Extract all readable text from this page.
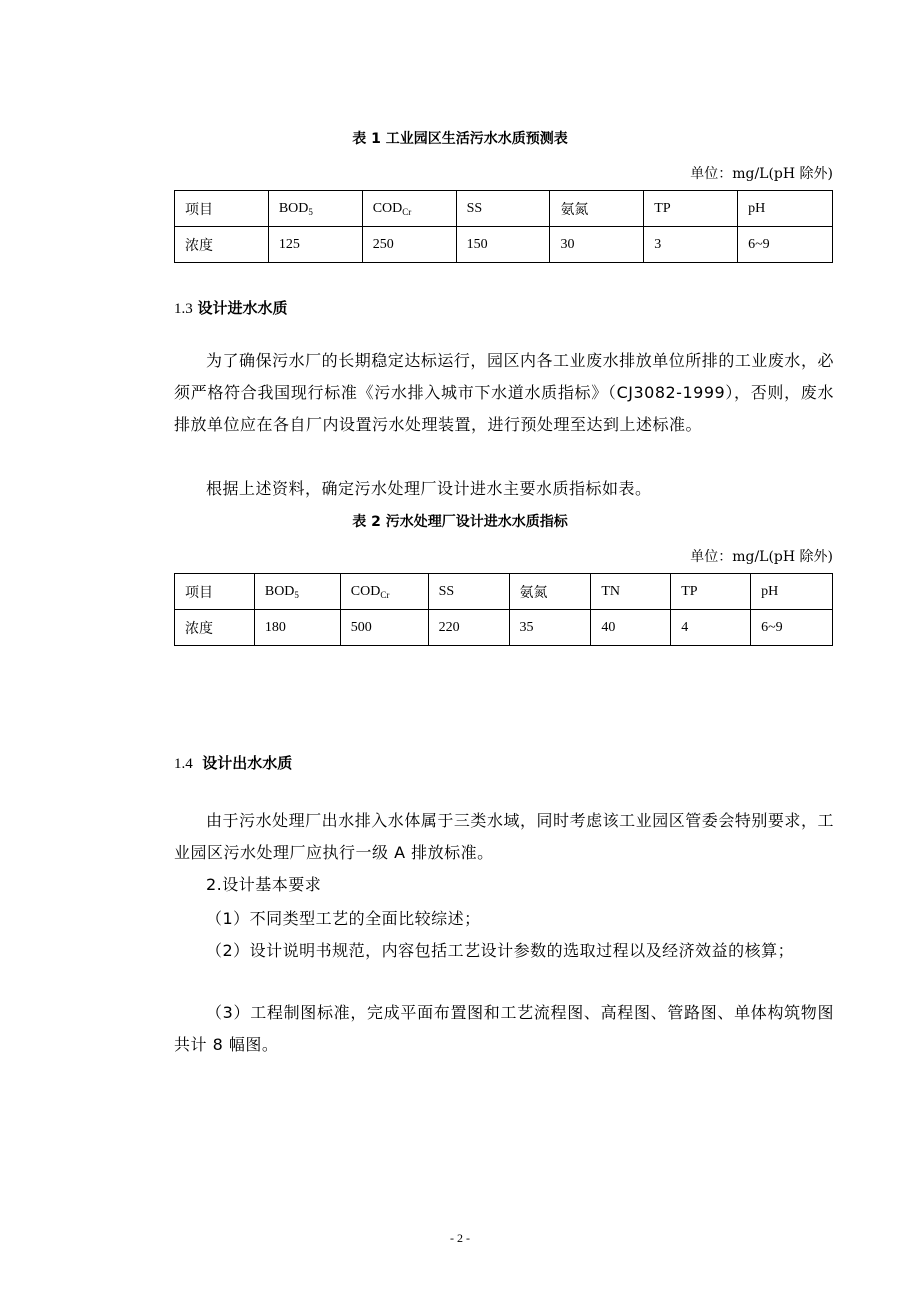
表 1 工业园区生活污水水质预测表
单位：mg/L(pH 除外)
项目	$BOD_5$	$COD_{Cr}$	SS	氨氮	TP	pH
浓度	125	250	150	30	3	6~9
1.3 设计进水水质

为了确保污水厂的长期稳定达标运行，园区内各工业废水排放单位所排的工业废水，必须严格符合我国现行标准《污水排入城市下水道水质指标》（CJ3082-1999），否则，废水排放单位应在各自厂内设置污水处理装置，进行预处理至达到上述标准。

根据上述资料，确定污水处理厂设计进水主要水质指标如表。
表 2 污水处理厂设计进水水质指标
单位：mg/L(pH 除外)
项目	$BOD_5$	$COD_{Cr}$	SS	氨氮	TN	TP	pH
浓度	180	500	220	35	40	4	6~9
1.4 设计出水水质

由于污水处理厂出水排入水体属于三类水域，同时考虑该工业园区管委会特别要求，工业园区污水处理厂应执行一级 A 排放标准。

2.设计基本要求
（1）不同类型工艺的全面比较综述；

（2）设计说明书规范，内容包括工艺设计参数的选取过程以及经济效益的核算；

（3）工程制图标准，完成平面布置图和工艺流程图、高程图、管路图、单体构筑物图共计 8 幅图。

- 2 -
